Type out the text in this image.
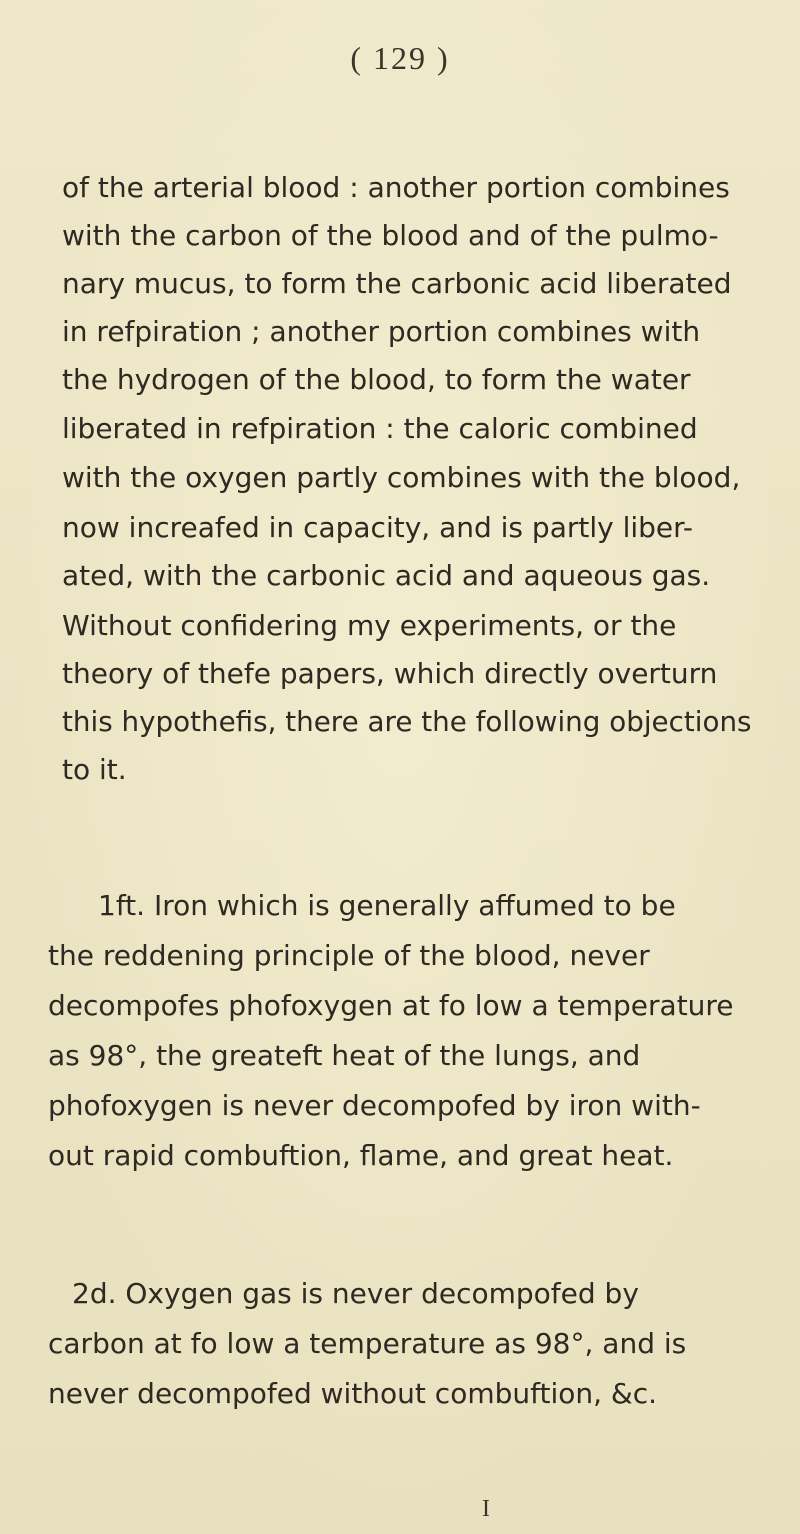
( 129 )
of the arterial blood : another portion combines
with the carbon of the blood and of the pulmo-
nary mucus, to form the carbonic acid liberated
in refpiration ; another portion combines with
the hydrogen of the blood, to form the water
liberated in refpiration : the caloric combined
with the oxygen partly combines with the blood,
now increafed in capacity, and is partly liber-
ated, with the carbonic acid and aqueous gas.
Without confidering my experiments, or the
theory of thefe papers, which directly overturn
this hypothefis, there are the following objections
to it.
1ft. Iron which is generally affumed to be
the reddening principle of the blood, never
decompofes phofoxygen at fo low a temperature
as 98°, the greateft heat of the lungs, and
phofoxygen is never decompofed by iron with-
out rapid combuftion, flame, and great heat.
2d. Oxygen gas is never decompofed by
carbon at fo low a temperature as 98°, and is
never decompofed without combuftion, &c.
I
